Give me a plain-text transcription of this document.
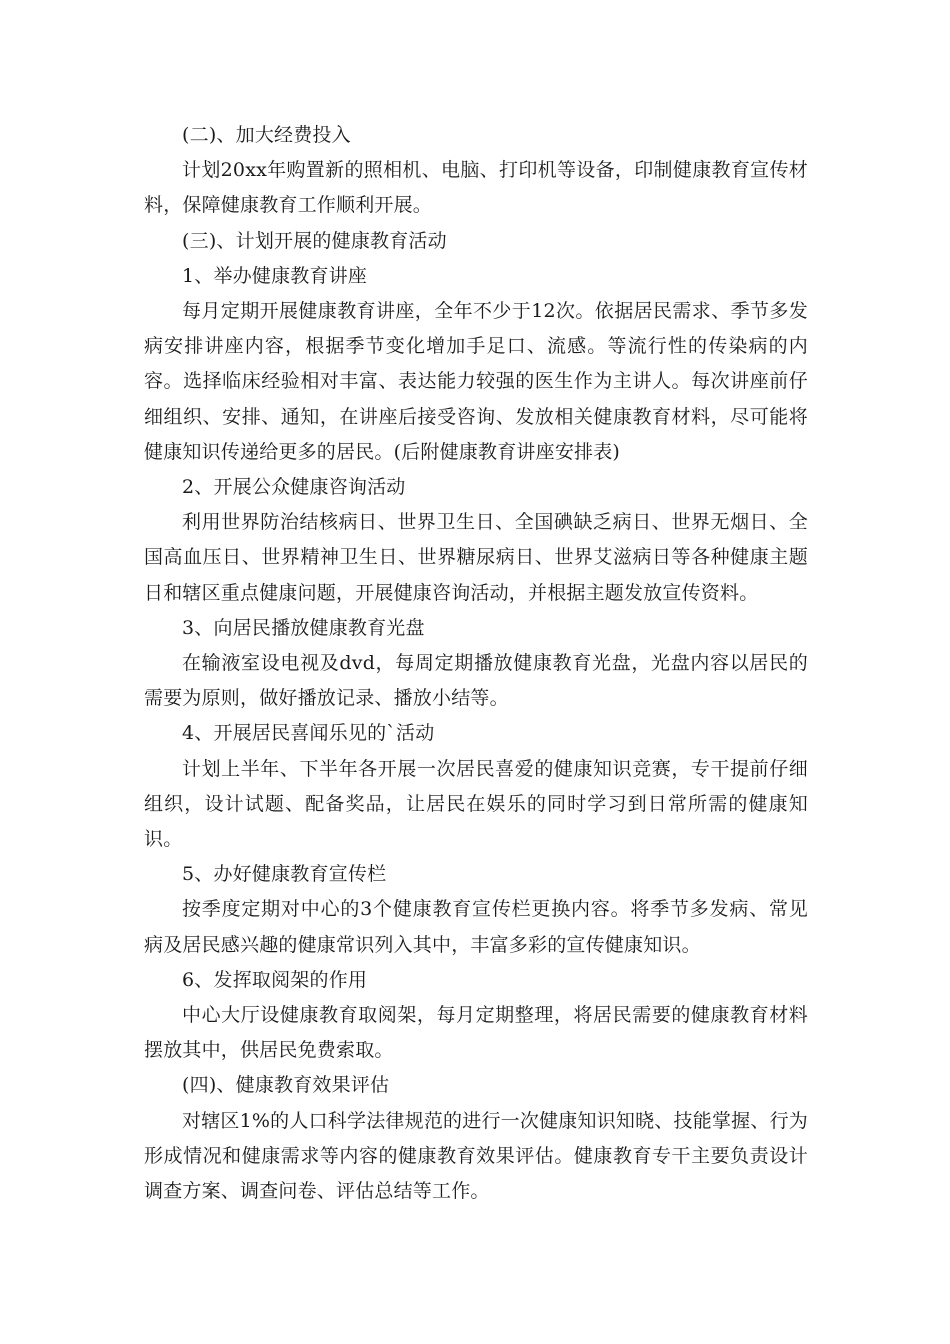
(二)、加大经费投入

计划20xx年购置新的照相机、电脑、打印机等设备，印制健康教育宣传材料，保障健康教育工作顺利开展。

(三)、计划开展的健康教育活动

1、举办健康教育讲座

每月定期开展健康教育讲座，全年不少于12次。依据居民需求、季节多发病安排讲座内容，根据季节变化增加手足口、流感。等流行性的传染病的内容。选择临床经验相对丰富、表达能力较强的医生作为主讲人。每次讲座前仔细组织、安排、通知，在讲座后接受咨询、发放相关健康教育材料，尽可能将健康知识传递给更多的居民。(后附健康教育讲座安排表)

2、开展公众健康咨询活动

利用世界防治结核病日、世界卫生日、全国碘缺乏病日、世界无烟日、全国高血压日、世界精神卫生日、世界糖尿病日、世界艾滋病日等各种健康主题日和辖区重点健康问题，开展健康咨询活动，并根据主题发放宣传资料。

3、向居民播放健康教育光盘

在输液室设电视及dvd，每周定期播放健康教育光盘，光盘内容以居民的需要为原则，做好播放记录、播放小结等。

4、开展居民喜闻乐见的`活动

计划上半年、下半年各开展一次居民喜爱的健康知识竞赛，专干提前仔细组织，设计试题、配备奖品，让居民在娱乐的同时学习到日常所需的健康知识。

5、办好健康教育宣传栏

按季度定期对中心的3个健康教育宣传栏更换内容。将季节多发病、常见病及居民感兴趣的健康常识列入其中，丰富多彩的宣传健康知识。

6、发挥取阅架的作用

中心大厅设健康教育取阅架，每月定期整理，将居民需要的健康教育材料摆放其中，供居民免费索取。

(四)、健康教育效果评估

对辖区1%的人口科学法律规范的进行一次健康知识知晓、技能掌握、行为形成情况和健康需求等内容的健康教育效果评估。健康教育专干主要负责设计调查方案、调查问卷、评估总结等工作。
